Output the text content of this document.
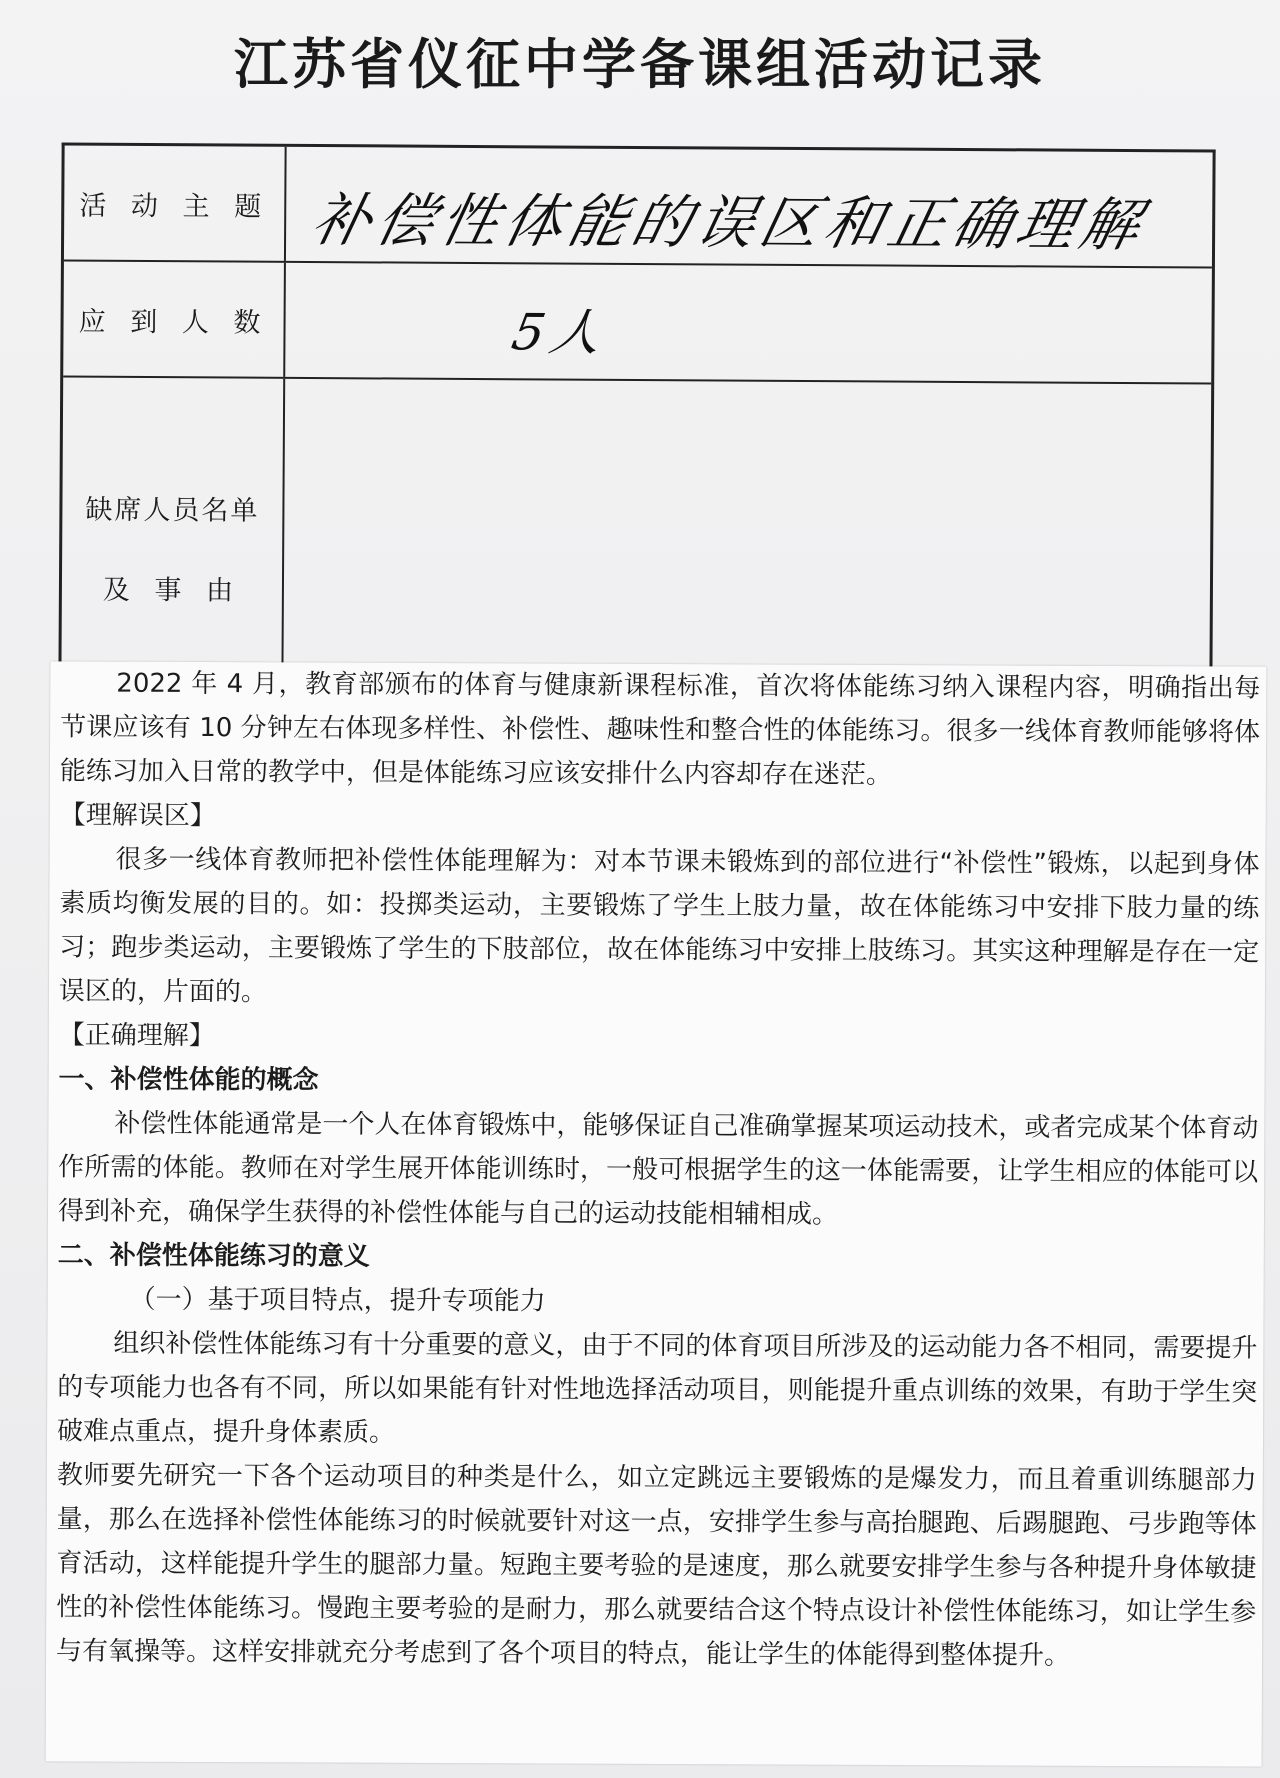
江苏省仪征中学备课组活动记录
活 动 主 题 补偿性体能的误区和正确理解
应 到 人 数	5人
缺席人员名单
及 事 由

2022 年 4 月，教育部颁布的体育与健康新课程标准，首次将体能练习纳入课程内容，明确指出每节课应该有 10 分钟左右体现多样性、补偿性、趣味性和整合性的体能练习。很多一线体育教师能够将体能练习加入日常的教学中，但是体能练习应该安排什么内容却存在迷茫。

【理解误区】

很多一线体育教师把补偿性体能理解为：对本节课未锻炼到的部位进行“补偿性”锻炼，以起到身体素质均衡发展的目的。如：投掷类运动，主要锻炼了学生上肢力量，故在体能练习中安排下肢力量的练习；跑步类运动，主要锻炼了学生的下肢部位，故在体能练习中安排上肢练习。其实这种理解是存在一定误区的，片面的。

【正确理解】

一、补偿性体能的概念

补偿性体能通常是一个人在体育锻炼中，能够保证自己准确掌握某项运动技术，或者完成某个体育动作所需的体能。教师在对学生展开体能训练时，一般可根据学生的这一体能需要，让学生相应的体能可以得到补充，确保学生获得的补偿性体能与自己的运动技能相辅相成。

二、补偿性体能练习的意义

（一）基于项目特点，提升专项能力

组织补偿性体能练习有十分重要的意义，由于不同的体育项目所涉及的运动能力各不相同，需要提升的专项能力也各有不同，所以如果能有针对性地选择活动项目，则能提升重点训练的效果，有助于学生突破难点重点，提升身体素质。

教师要先研究一下各个运动项目的种类是什么，如立定跳远主要锻炼的是爆发力，而且着重训练腿部力量，那么在选择补偿性体能练习的时候就要针对这一点，安排学生参与高抬腿跑、后踢腿跑、弓步跑等体育活动，这样能提升学生的腿部力量。短跑主要考验的是速度，那么就要安排学生参与各种提升身体敏捷性的补偿性体能练习。慢跑主要考验的是耐力，那么就要结合这个特点设计补偿性体能练习，如让学生参与有氧操等。这样安排就充分考虑到了各个项目的特点，能让学生的体能得到整体提升。
